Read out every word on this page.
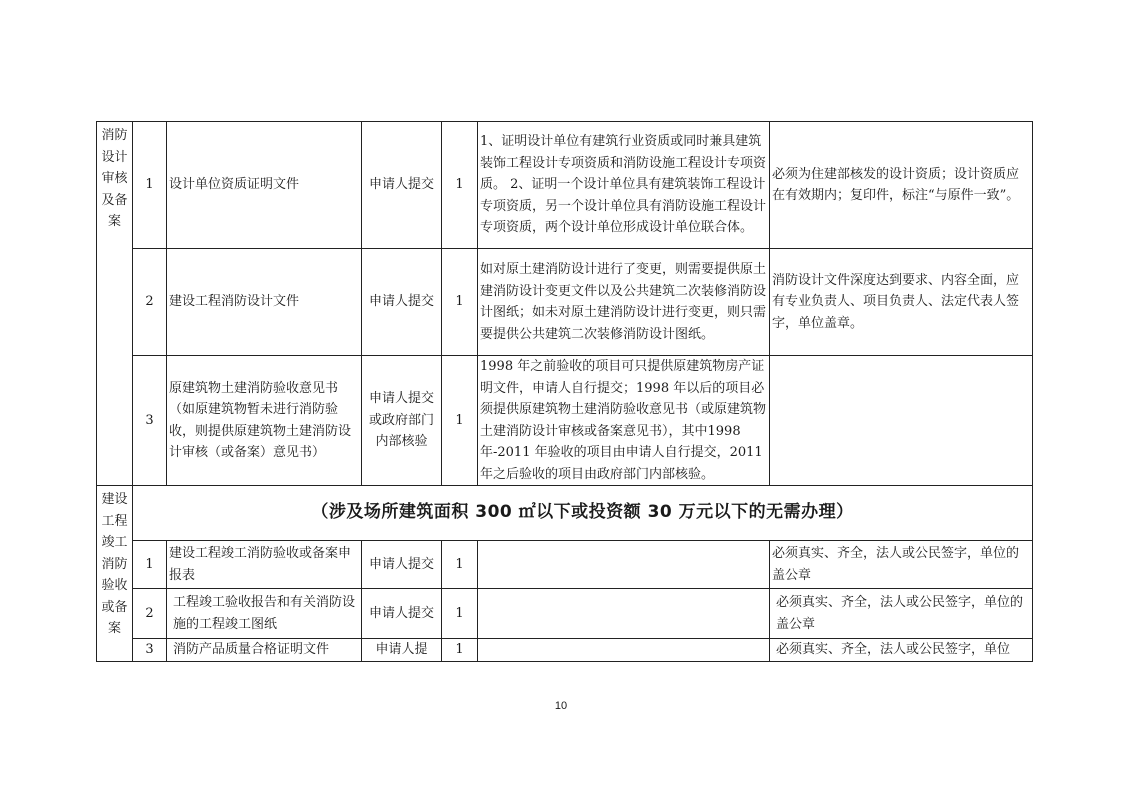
消防设计审核及备案	1	设计单位资质证明文件	申请人提交	1	1、证明设计单位有建筑行业资质或同时兼具建筑装饰工程设计专项资质和消防设施工程设计专项资质。 2、证明一个设计单位具有建筑装饰工程设计专项资质，另一个设计单位具有消防设施工程设计专项资质，两个设计单位形成设计单位联合体。	必须为住建部核发的设计资质；设计资质应在有效期内；复印件，标注“与原件一致”。
	2	建设工程消防设计文件	申请人提交	1	如对原土建消防设计进行了变更，则需要提供原土建消防设计变更文件以及公共建筑二次装修消防设计图纸；如未对原土建消防设计进行变更，则只需要提供公共建筑二次装修消防设计图纸。	消防设计文件深度达到要求、内容全面，应有专业负责人、项目负责人、法定代表人签字，单位盖章。
	3	原建筑物土建消防验收意见书（如原建筑物暂未进行消防验收，则提供原建筑物土建消防设计审核（或备案）意见书）	申请人提交或政府部门内部核验	1	1998 年之前验收的项目可只提供原建筑物房产证明文件，申请人自行提交；1998 年以后的项目必须提供原建筑物土建消防验收意见书（或原建筑物土建消防设计审核或备案意见书），其中1998 年-2011 年验收的项目由申请人自行提交，2011 年之后验收的项目由政府部门内部核验。	
建设工程竣工消防验收或备案	（涉及场所建筑面积 300 ㎡以下或投资额 30 万元以下的无需办理）					
	1	建设工程竣工消防验收或备案申报表	申请人提交	1		必须真实、齐全，法人或公民签字，单位的盖公章
	2	工程竣工验收报告和有关消防设施的工程竣工图纸	申请人提交	1		必须真实、齐全，法人或公民签字，单位的盖公章
	3	消防产品质量合格证明文件	申请人提	1		必须真实、齐全，法人或公民签字，单位
10
